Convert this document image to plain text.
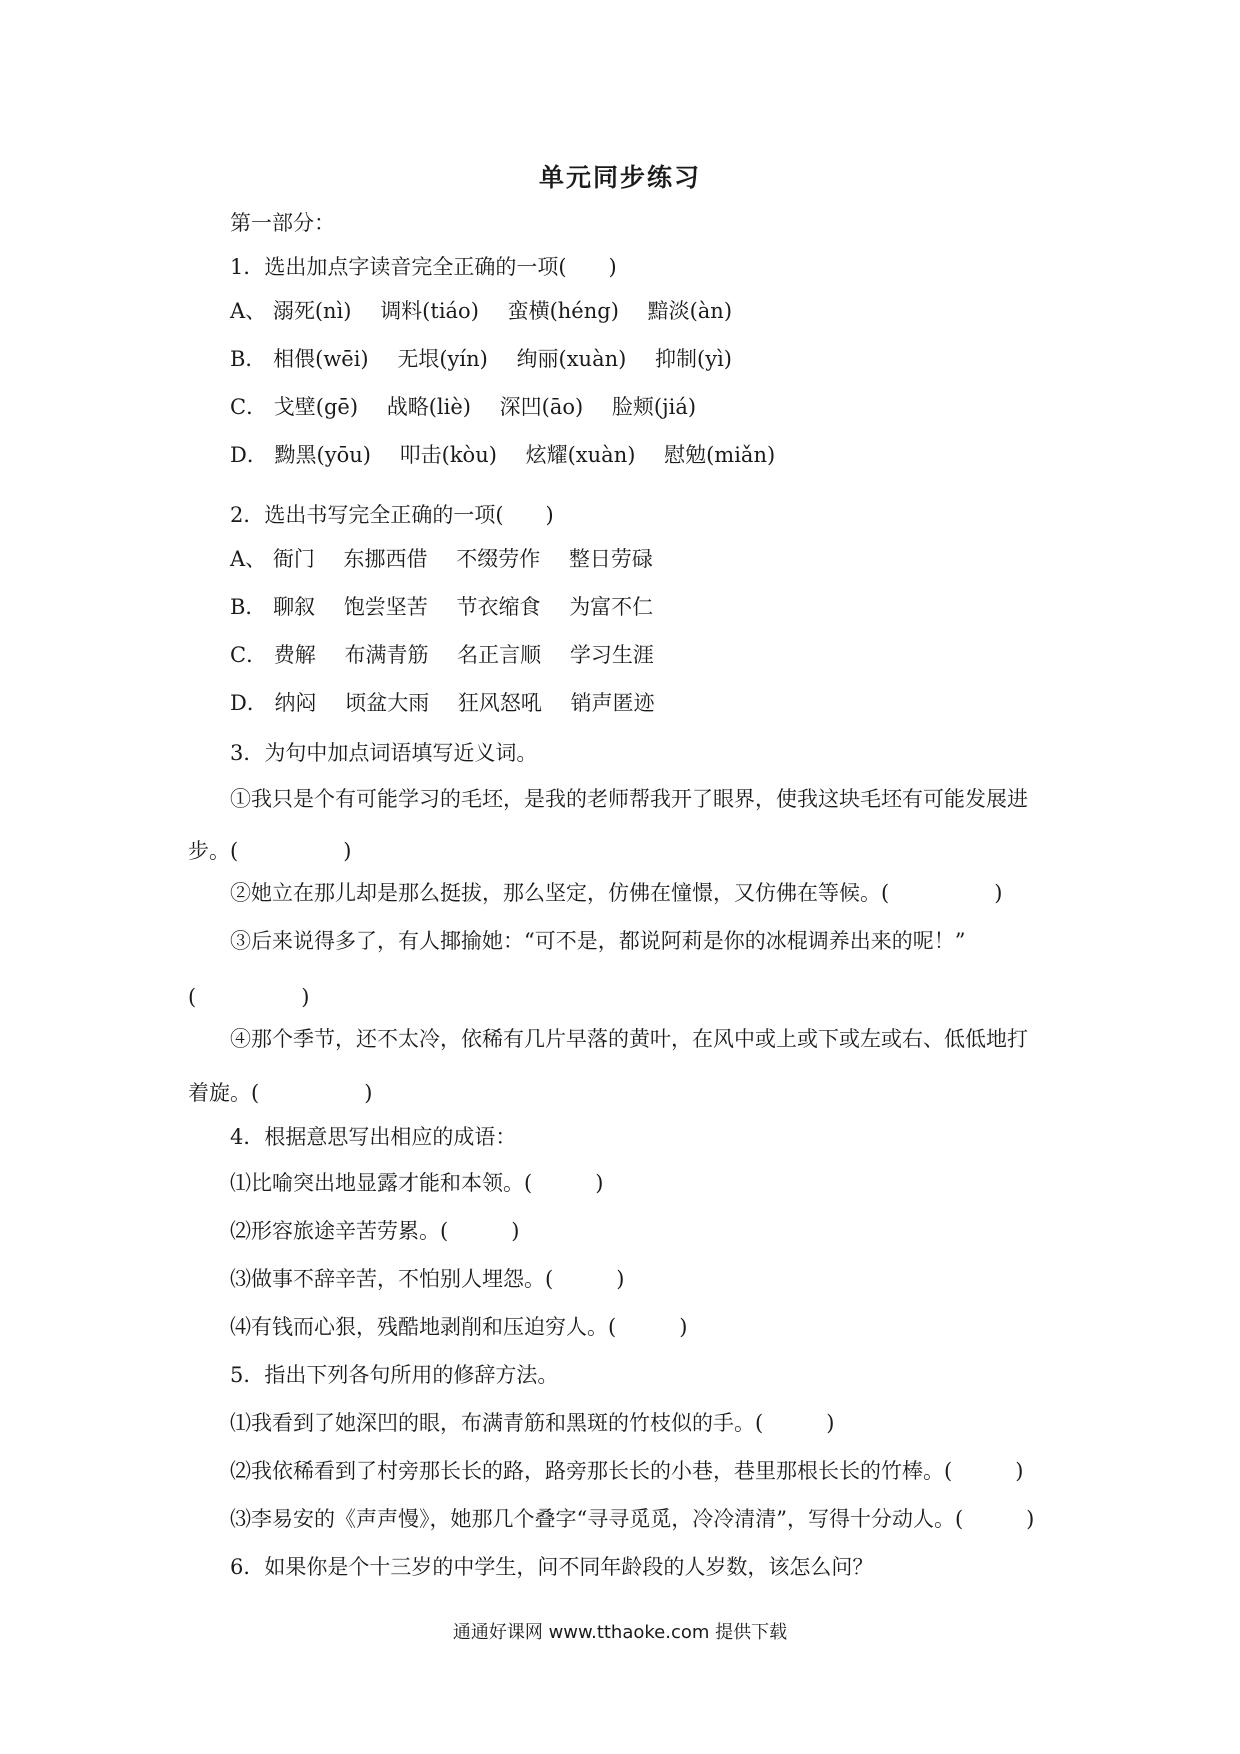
单元同步练习
第一部分：
1．选出加点字读音完全正确的一项(　　)
A、 溺死(nì) 调料(tiáo) 蛮横(héng) 黯淡(àn)
B． 相偎(wēi) 无垠(yín) 绚丽(xuàn) 抑制(yì)
C． 戈壁(gē) 战略(liè) 深凹(āo) 脸颊(jiá)
D． 黝黑(yōu) 叩击(kòu) 炫耀(xuàn) 慰勉(miǎn)
2．选出书写完全正确的一项(　　)
A、 衙门 东挪西借 不缀劳作 整日劳碌
B． 聊叙 饱尝坚苦 节衣缩食 为富不仁
C． 费解 布满青筋 名正言顺 学习生涯
D． 纳闷 顷盆大雨 狂风怒吼 销声匿迹
3．为句中加点词语填写近义词。
①我只是个有可能学习的毛坯，是我的老师帮我开了眼界，使我这块毛坯有可能发展进
步。(　　　　　)
②她立在那儿却是那么挺拔，那么坚定，仿佛在憧憬，又仿佛在等候。(　　　　　)
③后来说得多了，有人揶揄她：“可不是，都说阿莉是你的冰棍调养出来的呢！”
(　　　　　)
④那个季节，还不太冷，依稀有几片早落的黄叶，在风中或上或下或左或右、低低地打
着旋。(　　　　　)
4．根据意思写出相应的成语：
⑴比喻突出地显露才能和本领。(　　　)
⑵形容旅途辛苦劳累。(　　　)
⑶做事不辞辛苦，不怕别人埋怨。(　　　)
⑷有钱而心狠，残酷地剥削和压迫穷人。(　　　)
5．指出下列各句所用的修辞方法。
⑴我看到了她深凹的眼，布满青筋和黑斑的竹枝似的手。(　　　)
⑵我依稀看到了村旁那长长的路，路旁那长长的小巷，巷里那根长长的竹棒。(　　　)
⑶李易安的《声声慢》，她那几个叠字“寻寻觅觅，冷冷清清”，写得十分动人。(　　　)
6．如果你是个十三岁的中学生，问不同年龄段的人岁数，该怎么问？
通通好课网 www.tthaoke.com 提供下载
